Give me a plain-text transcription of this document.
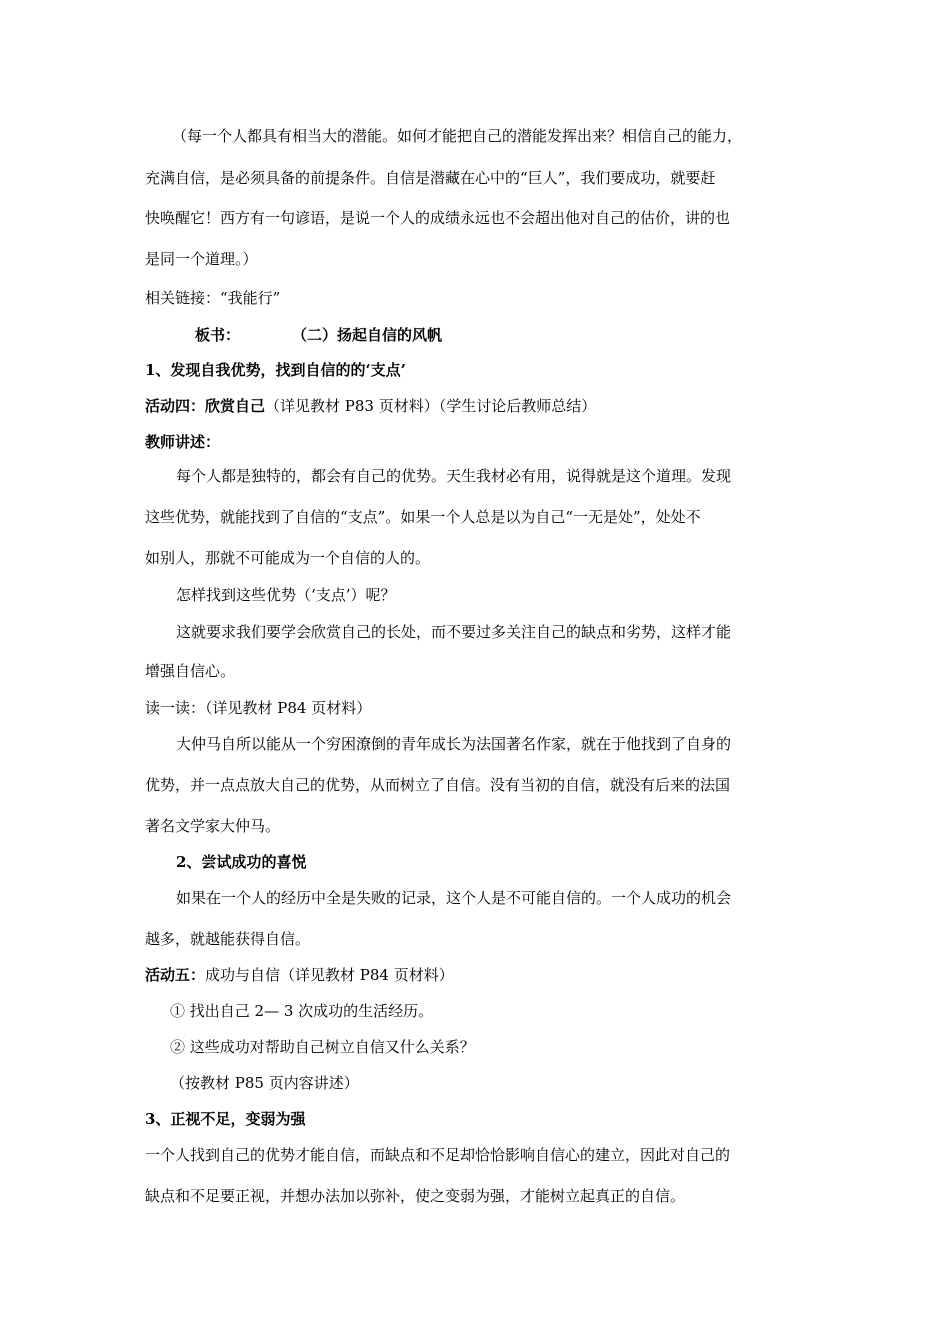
（每一个人都具有相当大的潜能。如何才能把自己的潜能发挥出来？相信自己的能力，
充满自信，是必须具备的前提条件。自信是潜藏在心中的“巨人”，我们要成功，就要赶
快唤醒它！西方有一句谚语，是说一个人的成绩永远也不会超出他对自己的估价，讲的也
是同一个道理。）
相关链接：“我能行”
板书：	（二）扬起自信的风帆
1、发现自我优势，找到自信的的‘支点’
活动四：欣赏自己（详见教材 P83 页材料）（学生讨论后教师总结）
教师讲述：
每个人都是独特的，都会有自己的优势。天生我材必有用，说得就是这个道理。发现
这些优势，就能找到了自信的“支点”。如果一个人总是以为自己“一无是处”，处处不
如别人，那就不可能成为一个自信的人的。
怎样找到这些优势（‘支点’）呢？
这就要求我们要学会欣赏自己的长处，而不要过多关注自己的缺点和劣势，这样才能
增强自信心。
读一读：（详见教材 P84 页材料）
大仲马自所以能从一个穷困潦倒的青年成长为法国著名作家，就在于他找到了自身的
优势，并一点点放大自己的优势，从而树立了自信。没有当初的自信，就没有后来的法国
著名文学家大仲马。
2、尝试成功的喜悦
如果在一个人的经历中全是失败的记录，这个人是不可能自信的。一个人成功的机会
越多，就越能获得自信。
活动五：成功与自信（详见教材 P84 页材料）
① 找出自己 2— 3 次成功的生活经历。
② 这些成功对帮助自己树立自信又什么关系？
（按教材 P85 页内容讲述）
3、正视不足，变弱为强
一个人找到自己的优势才能自信，而缺点和不足却恰恰影响自信心的建立，因此对自己的
缺点和不足要正视，并想办法加以弥补，使之变弱为强，才能树立起真正的自信。
